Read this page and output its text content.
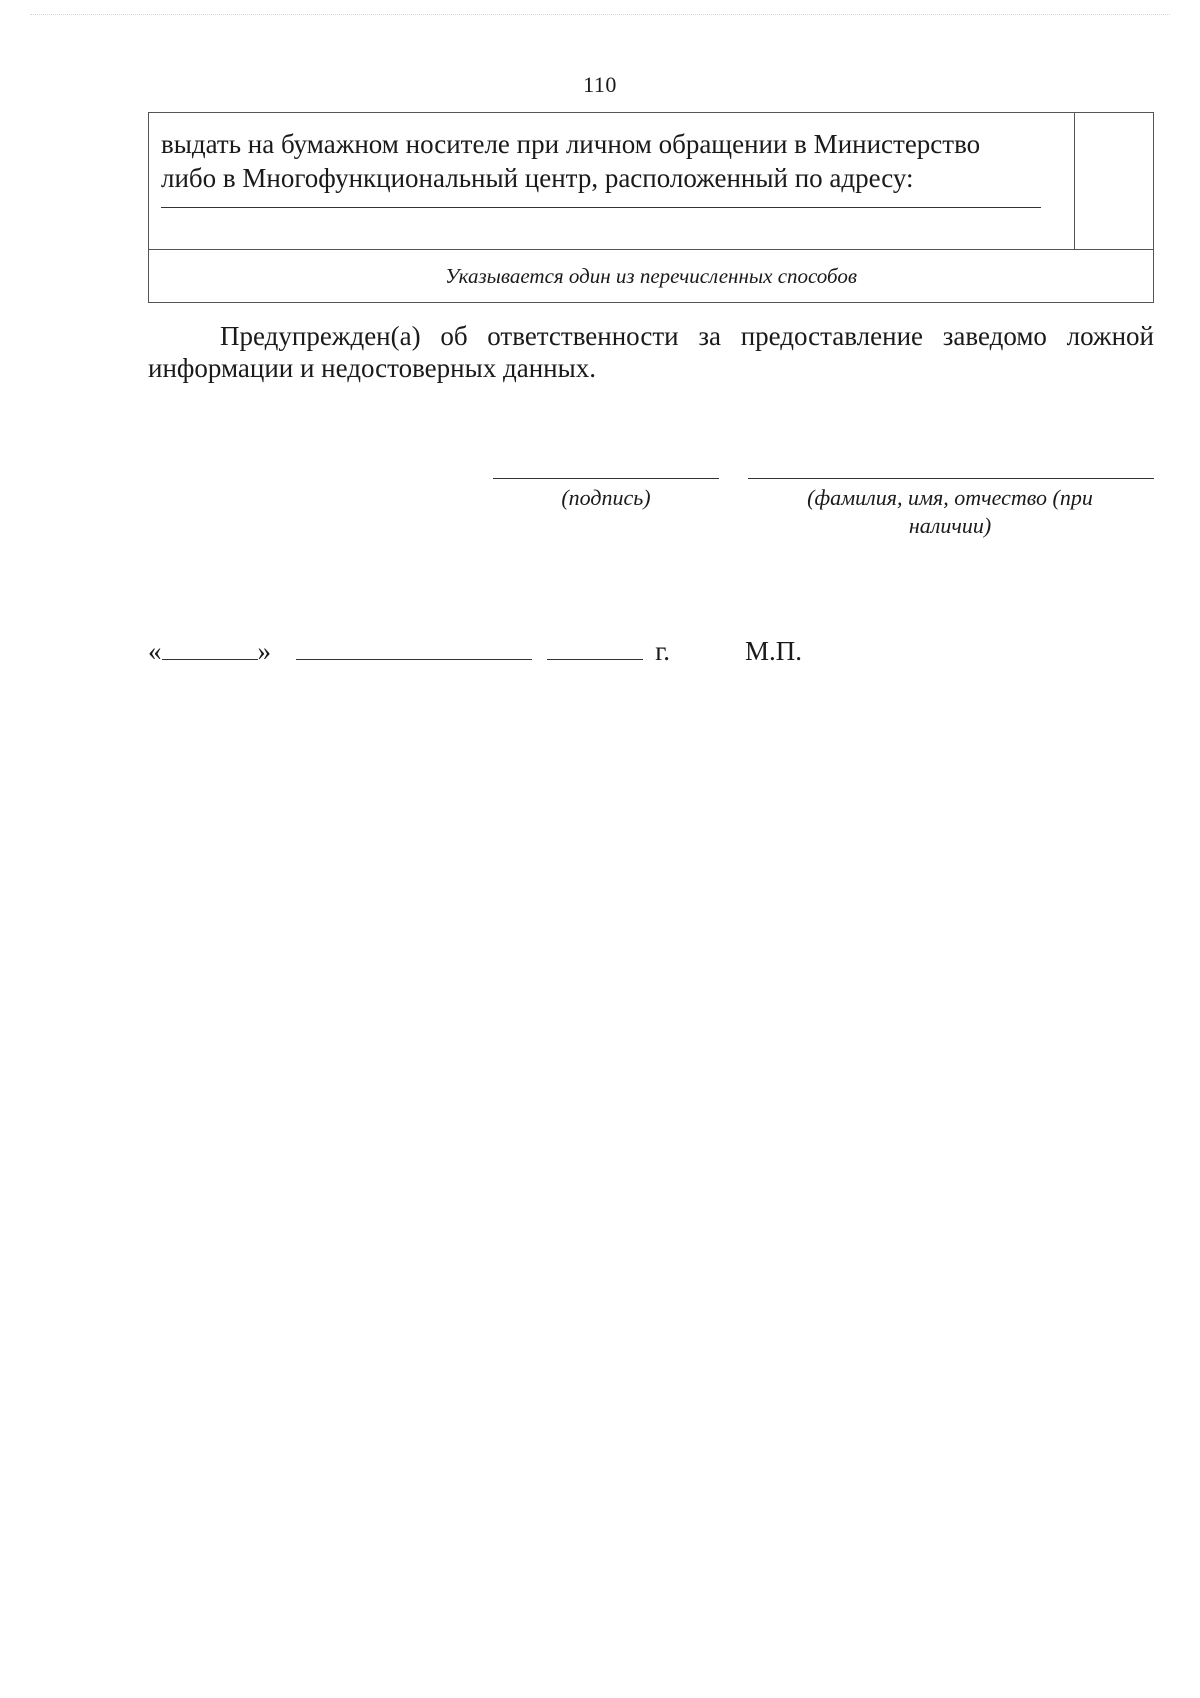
110

выдать на бумажном носителе при личном обращении в Министерство

либо в Многофункциональный центр, расположенный по адресу:

Указывается один из перечисленных способов

Предупрежден(а) об ответственности за предоставление заведомо ложной информации и недостоверных данных.

(подпись)	(фамилия, имя, отчество (при наличии)
«	»	г.	М.П.
